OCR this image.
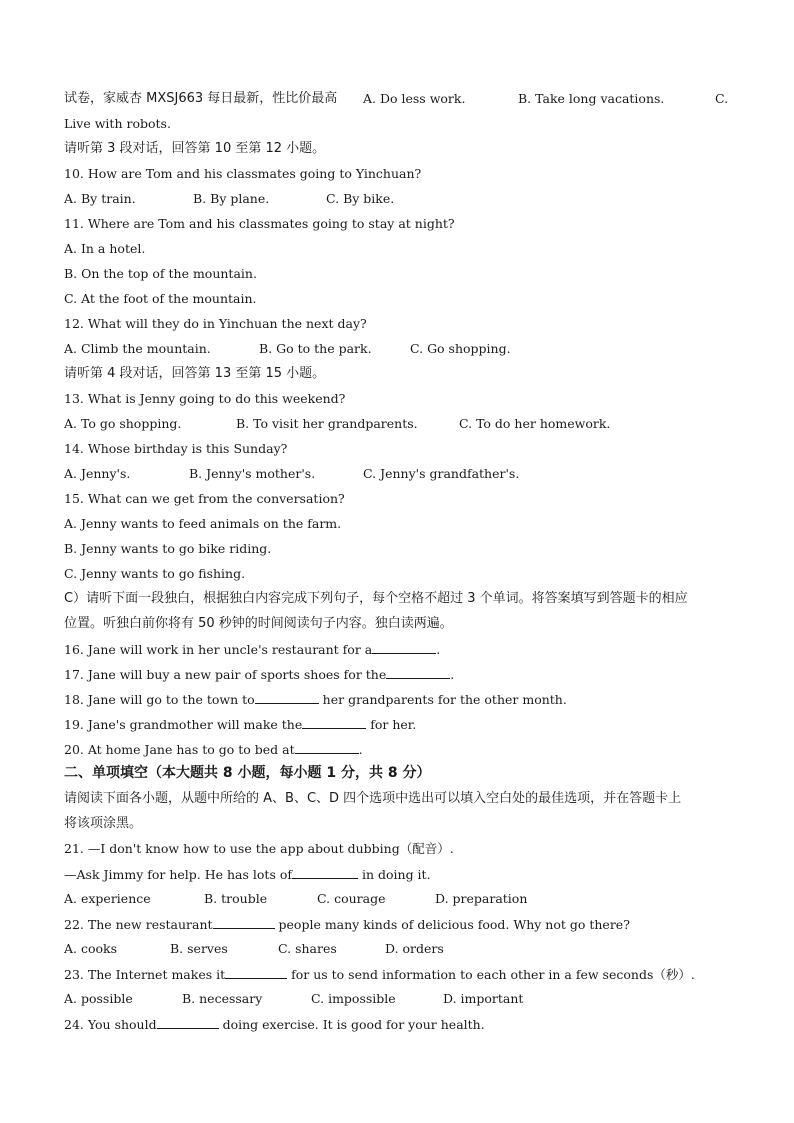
试卷，家威杏 MXSJ663 每日最新，性比价最高 A. Do less work.	B. Take long vacations.	C.
Live with robots.
请听第 3 段对话，回答第 10 至第 12 小题。
10. How are Tom and his classmates going to Yinchuan?
A. By train.	B. By plane.	C. By bike.
11. Where are Tom and his classmates going to stay at night?
A. In a hotel.
B. On the top of the mountain.
C. At the foot of the mountain.
12. What will they do in Yinchuan the next day?
A. Climb the mountain.	B. Go to the park.	C. Go shopping.
请听第 4 段对话，回答第 13 至第 15 小题。
13. What is Jenny going to do this weekend?
A. To go shopping.	B. To visit her grandparents.	C. To do her homework.
14. Whose birthday is this Sunday?
A. Jenny's.	B. Jenny's mother's.	C. Jenny's grandfather's.
15. What can we get from the conversation?
A. Jenny wants to feed animals on the farm.
B. Jenny wants to go bike riding.
C. Jenny wants to go fishing.
C）请听下面一段独白，根据独白内容完成下列句子，每个空格不超过 3 个单词。将答案填写到答题卡的相应
位置。听独白前你将有 50 秒钟的时间阅读句子内容。独白读两遍。
16. Jane will work in her uncle's restaurant for a	.
17. Jane will buy a new pair of sports shoes for the	.
18. Jane will go to the town to	her grandparents for the other month.
19. Jane's grandmother will make the	for her.
20. At home Jane has to go to bed at	.
二、单项填空（本大题共 8 小题，每小题 1 分，共 8 分）
请阅读下面各小题，从题中所给的 A、B、C、D 四个选项中选出可以填入空白处的最佳选项，并在答题卡上
将该项涂黑。
21. —I don't know how to use the app about dubbing（配音）.
—Ask Jimmy for help. He has lots of	in doing it.
A. experience	B. trouble	C. courage	D. preparation
22. The new restaurant	people many kinds of delicious food. Why not go there?
A. cooks	B. serves	C. shares	D. orders
23. The Internet makes it	for us to send information to each other in a few seconds（秒）.
A. possible	B. necessary	C. impossible	D. important
24. You should	doing exercise. It is good for your health.
